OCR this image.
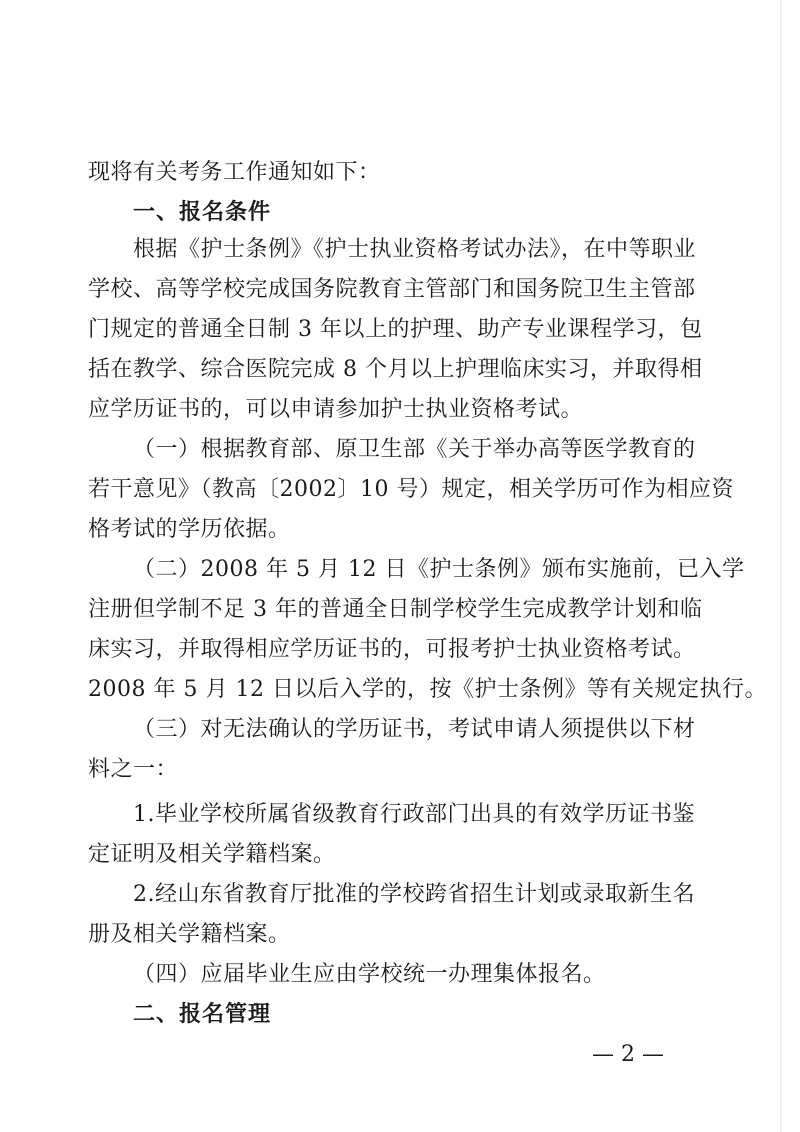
现将有关考务工作通知如下：
一、报名条件
根据《护士条例》《护士执业资格考试办法》，在中等职业
学校、高等学校完成国务院教育主管部门和国务院卫生主管部
门规定的普通全日制 3 年以上的护理、助产专业课程学习，包
括在教学、综合医院完成 8 个月以上护理临床实习，并取得相
应学历证书的，可以申请参加护士执业资格考试。
（一）根据教育部、原卫生部《关于举办高等医学教育的
若干意见》（教高〔2002〕10 号）规定，相关学历可作为相应资
格考试的学历依据。
（二）2008 年 5 月 12 日《护士条例》颁布实施前，已入学
注册但学制不足 3 年的普通全日制学校学生完成教学计划和临
床实习，并取得相应学历证书的，可报考护士执业资格考试。
2008 年 5 月 12 日以后入学的，按《护士条例》等有关规定执行。
（三）对无法确认的学历证书，考试申请人须提供以下材
料之一：
1.毕业学校所属省级教育行政部门出具的有效学历证书鉴
定证明及相关学籍档案。
2.经山东省教育厅批准的学校跨省招生计划或录取新生名
册及相关学籍档案。
（四）应届毕业生应由学校统一办理集体报名。
二、报名管理
— 2 —
